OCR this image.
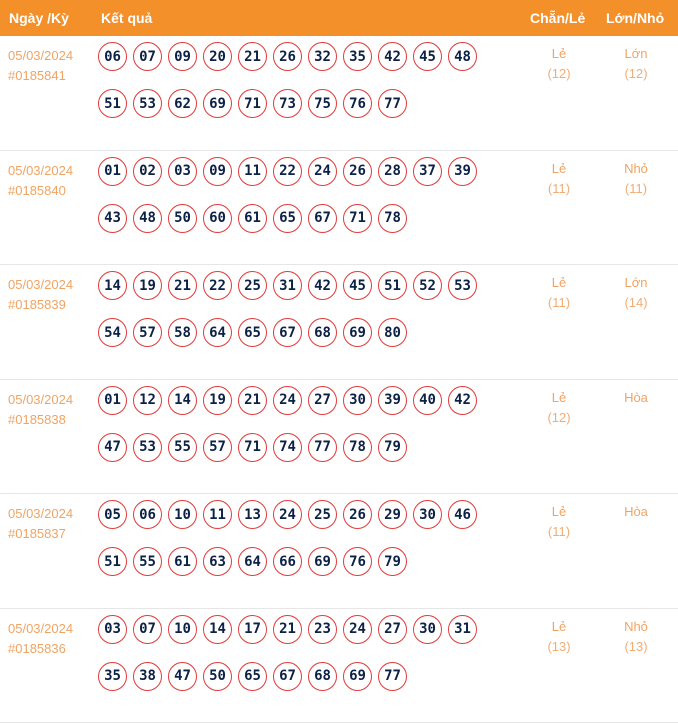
Ngày /Kỳ Kết quả	Chẵn/Lẻ Lớn/Nhỏ
05/03/2024
#0185841
06	07	09	20	21	26	32	35	42	45	48
51	53	62	69	71	73	75	76	77
Lẻ
(12)
Lớn
(12)
05/03/2024
#0185840
01	02	03	09	11	22	24	26	28	37	39
43	48	50	60	61	65	67	71	78
Lẻ
(11)
Nhỏ
(11)
05/03/2024
#0185839
14	19	21	22	25	31	42	45	51	52	53
54	57	58	64	65	67	68	69	80
Lẻ
(11)
Lớn
(14)
05/03/2024
#0185838
01	12	14	19	21	24	27	30	39	40	42
47	53	55	57	71	74	77	78	79
Lẻ
(12)
Hòa
05/03/2024
#0185837
05	06	10	11	13	24	25	26	29	30	46
51	55	61	63	64	66	69	76	79
Lẻ
(11)
Hòa
05/03/2024
#0185836
03	07	10	14	17	21	23	24	27	30	31
35	38	47	50	65	67	68	69	77
Lẻ
(13)
Nhỏ
(13)
